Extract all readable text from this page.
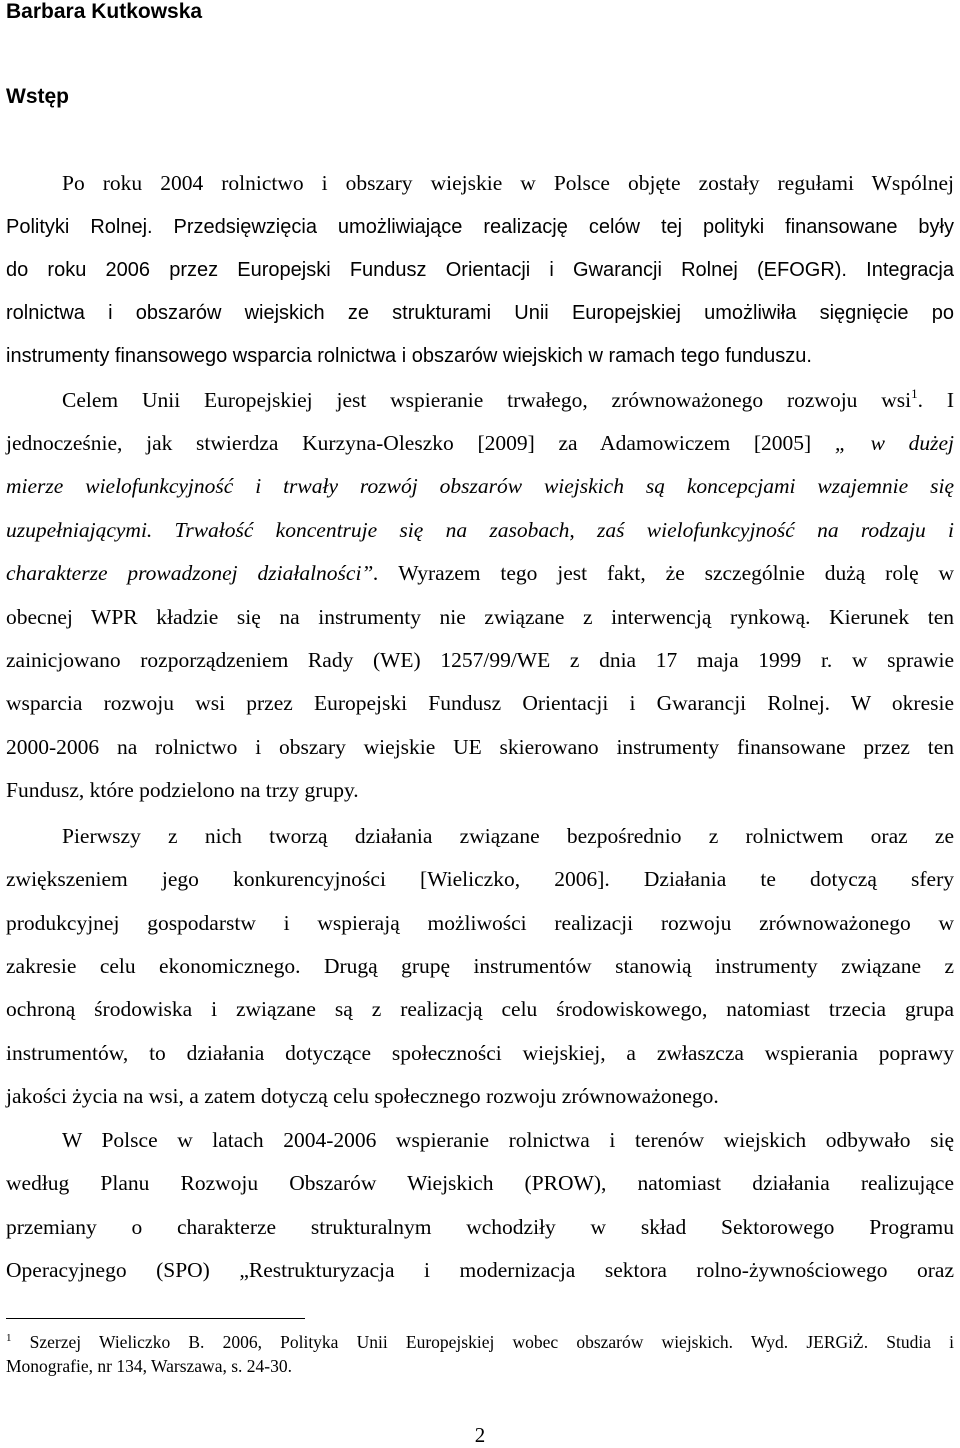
Barbara Kutkowska
Wstęp
Po roku 2004 rolnictwo i obszary wiejskie w Polsce objęte zostały regułami Wspólnej
Polityki Rolnej. Przedsięwzięcia umożliwiające realizację celów tej polityki finansowane były
do roku 2006 przez Europejski Fundusz Orientacji i Gwarancji Rolnej (EFOGR). Integracja
rolnictwa i obszarów wiejskich ze strukturami Unii Europejskiej umożliwiła sięgnięcie po
instrumenty finansowego wsparcia rolnictwa i obszarów wiejskich w ramach tego funduszu.
Celem Unii Europejskiej jest wspieranie trwałego, zrównoważonego rozwoju wsi$^1$. I
jednocześnie, jak stwierdza Kurzyna-Oleszko [2009] za Adamowiczem [2005] „ w dużej
mierze wielofunkcyjność i trwały rozwój obszarów wiejskich są koncepcjami wzajemnie się
uzupełniającymi. Trwałość koncentruje się na zasobach, zaś wielofunkcyjność na rodzaju i
charakterze prowadzonej działalności”. Wyrazem tego jest fakt, że szczególnie dużą rolę w
obecnej WPR kładzie się na instrumenty nie związane z interwencją rynkową. Kierunek ten
zainicjowano rozporządzeniem Rady (WE) 1257/99/WE z dnia 17 maja 1999 r. w sprawie
wsparcia rozwoju wsi przez Europejski Fundusz Orientacji i Gwarancji Rolnej. W okresie
2000-2006 na rolnictwo i obszary wiejskie UE skierowano instrumenty finansowane przez ten
Fundusz, które podzielono na trzy grupy.
Pierwszy z nich tworzą działania związane bezpośrednio z rolnictwem oraz ze
zwiększeniem jego konkurencyjności [Wieliczko, 2006]. Działania te dotyczą sfery
produkcyjnej gospodarstw i wspierają możliwości realizacji rozwoju zrównoważonego w
zakresie celu ekonomicznego. Drugą grupę instrumentów stanowią instrumenty związane z
ochroną środowiska i związane są z realizacją celu środowiskowego, natomiast trzecia grupa
instrumentów, to działania dotyczące społeczności wiejskiej, a zwłaszcza wspierania poprawy
jakości życia na wsi, a zatem dotyczą celu społecznego rozwoju zrównoważonego.
W Polsce w latach 2004-2006 wspieranie rolnictwa i terenów wiejskich odbywało się
według Planu Rozwoju Obszarów Wiejskich (PROW), natomiast działania realizujące
przemiany o charakterze strukturalnym wchodziły w skład Sektorowego Programu
Operacyjnego (SPO) „Restrukturyzacja i modernizacja sektora rolno-żywnościowego oraz
$^1$ Szerzej Wieliczko B. 2006, Polityka Unii Europejskiej wobec obszarów wiejskich. Wyd. JERGiŻ. Studia i
Monografie, nr 134, Warszawa, s. 24-30.
2
